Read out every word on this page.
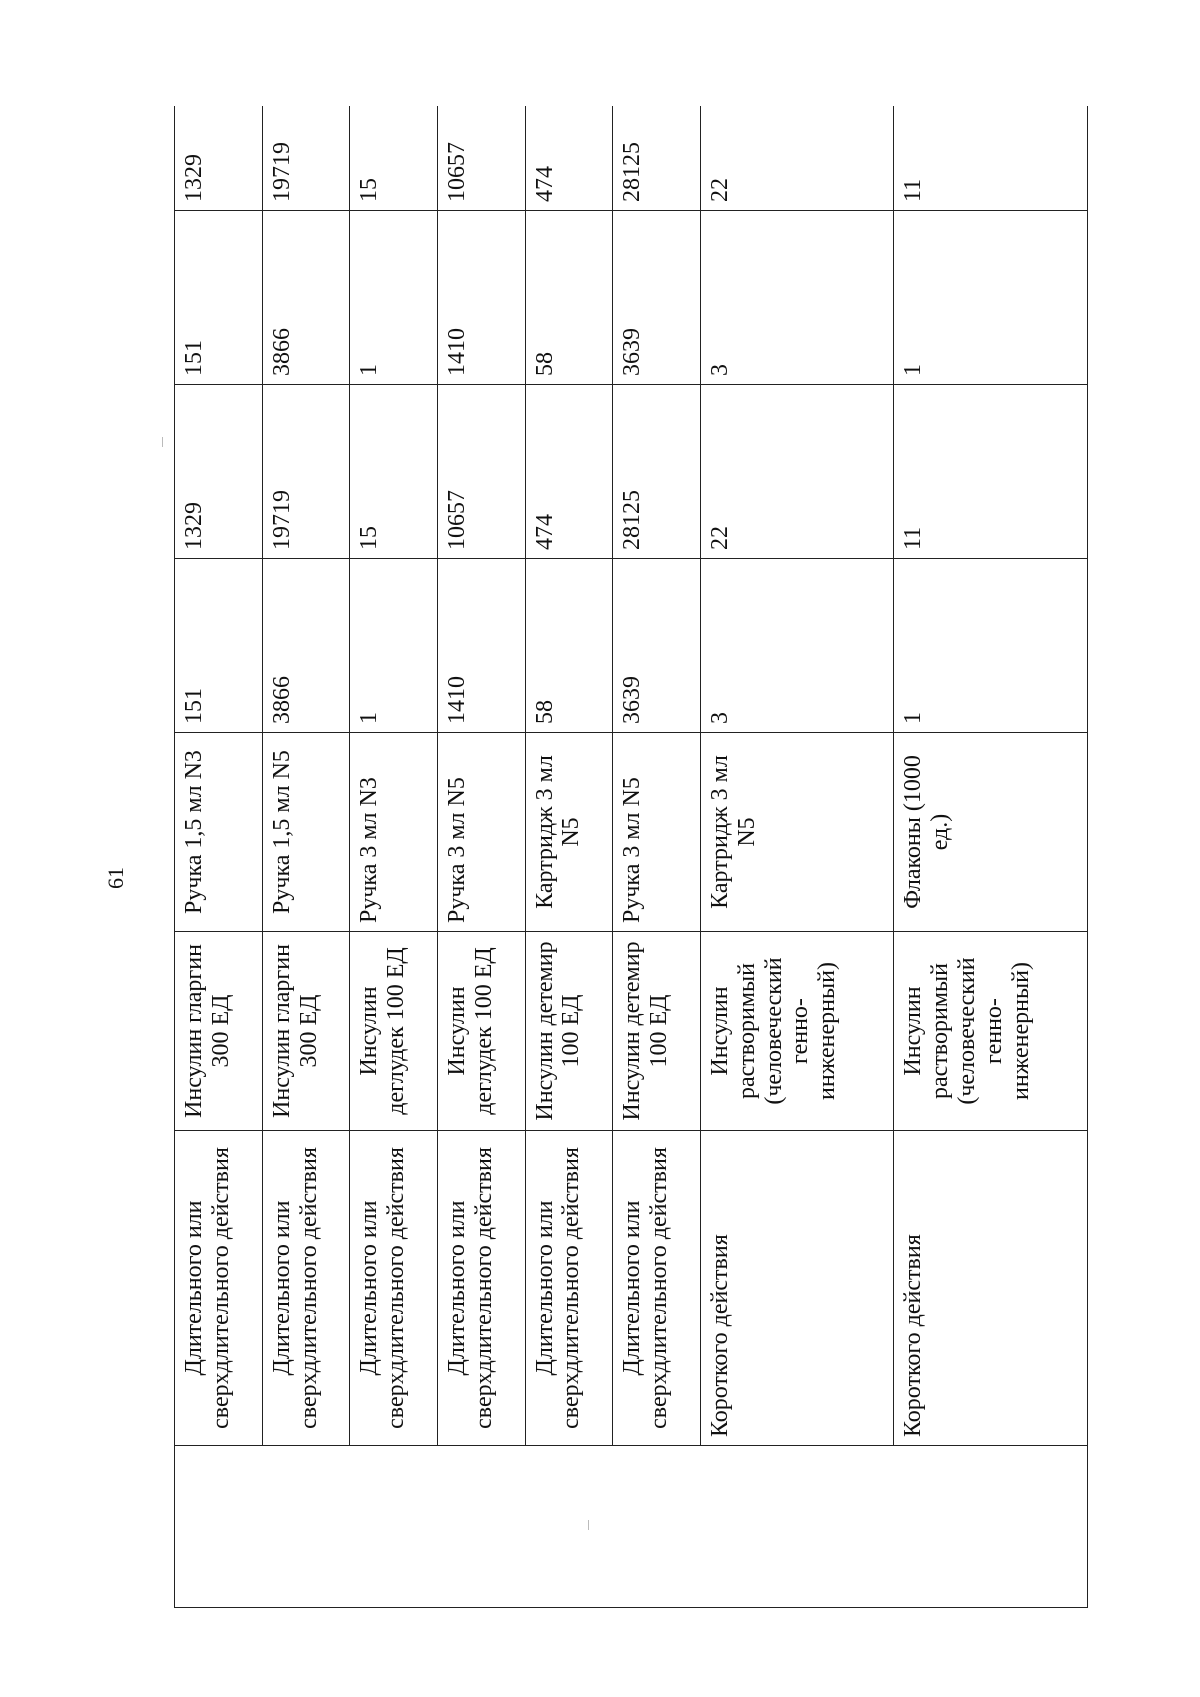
61
	Длительного или сверхдлительного действия	Инсулин гларгин 300 ЕД	Ручка 1,5 мл N3	151	1329	151	1329
	Длительного или сверхдлительного действия	Инсулин гларгин 300 ЕД	Ручка 1,5 мл N5	3866	19719	3866	19719
	Длительного или сверхдлительного действия	Инсулин деглудек 100 ЕД	Ручка 3 мл N3	1	15	1	15
	Длительного или сверхдлительного действия	Инсулин деглудек 100 ЕД	Ручка 3 мл N5	1410	10657	1410	10657
	Длительного или сверхдлительного действия	Инсулин детемир 100 ЕД	Картридж 3 мл N5	58	474	58	474
	Длительного или сверхдлительного действия	Инсулин детемир 100 ЕД	Ручка 3 мл N5	3639	28125	3639	28125
	Короткого действия	Инсулин растворимый (человеческий генно-инженерный)	Картридж 3 мл N5	3	22	3	22
	Короткого действия	Инсулин растворимый (человеческий генно-инженерный)	Флаконы (1000 ед.)	1	11	1	11
